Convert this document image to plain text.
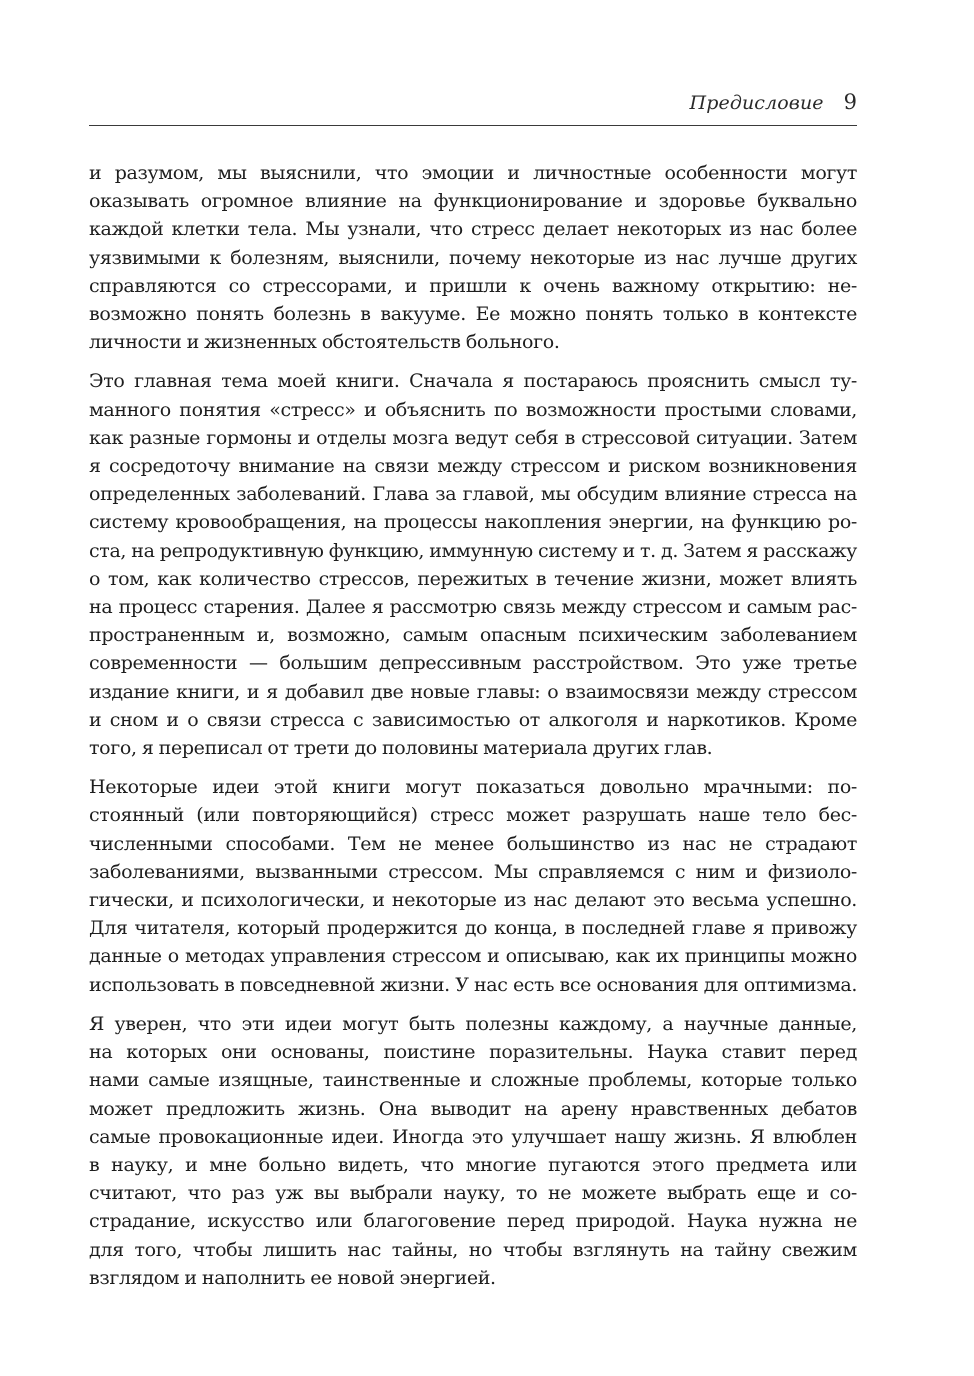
Предисловие 9
и разумом, мы выяснили, что эмоции и личностные особенности могут
оказывать огромное влияние на функционирование и здоровье буквально
каждой клетки тела. Мы узнали, что стресс делает некоторых из нас более
уязвимыми к болезням, выяснили, почему некоторые из нас лучше других
справляются со стрессорами, и пришли к очень важному открытию: не-
возможно понять болезнь в вакууме. Ее можно понять только в контексте
личности и жизненных обстоятельств больного.
Это главная тема моей книги. Сначала я постараюсь прояснить смысл ту-
манного понятия «стресс» и объяснить по возможности простыми словами,
как разные гормоны и отделы мозга ведут себя в стрессовой ситуации. Затем
я сосредоточу внимание на связи между стрессом и риском возникновения
определенных заболеваний. Глава за главой, мы обсудим влияние стресса на
систему кровообращения, на процессы накопления энергии, на функцию ро-
ста, на репродуктивную функцию, иммунную систему и т. д. Затем я расскажу
о том, как количество стрессов, пережитых в течение жизни, может влиять
на процесс старения. Далее я рассмотрю связь между стрессом и самым рас-
пространенным и, возможно, самым опасным психическим заболеванием
современности — большим депрессивным расстройством. Это уже третье
издание книги, и я добавил две новые главы: о взаимосвязи между стрессом
и сном и о связи стресса с зависимостью от алкоголя и наркотиков. Кроме
того, я переписал от трети до половины материала других глав.
Некоторые идеи этой книги могут показаться довольно мрачными: по-
стоянный (или повторяющийся) стресс может разрушать наше тело бес-
численными способами. Тем не менее большинство из нас не страдают
заболеваниями, вызванными стрессом. Мы справляемся с ним и физиоло-
гически, и психологически, и некоторые из нас делают это весьма успешно.
Для читателя, который продержится до конца, в последней главе я привожу
данные о методах управления стрессом и описываю, как их принципы можно
использовать в повседневной жизни. У нас есть все основания для оптимизма.
Я уверен, что эти идеи могут быть полезны каждому, а научные данные,
на которых они основаны, поистине поразительны. Наука ставит перед
нами самые изящные, таинственные и сложные проблемы, которые только
может предложить жизнь. Она выводит на арену нравственных дебатов
самые провокационные идеи. Иногда это улучшает нашу жизнь. Я влюблен
в науку, и мне больно видеть, что многие пугаются этого предмета или
считают, что раз уж вы выбрали науку, то не можете выбрать еще и со-
страдание, искусство или благоговение перед природой. Наука нужна не
для того, чтобы лишить нас тайны, но чтобы взглянуть на тайну свежим
взглядом и наполнить ее новой энергией.
